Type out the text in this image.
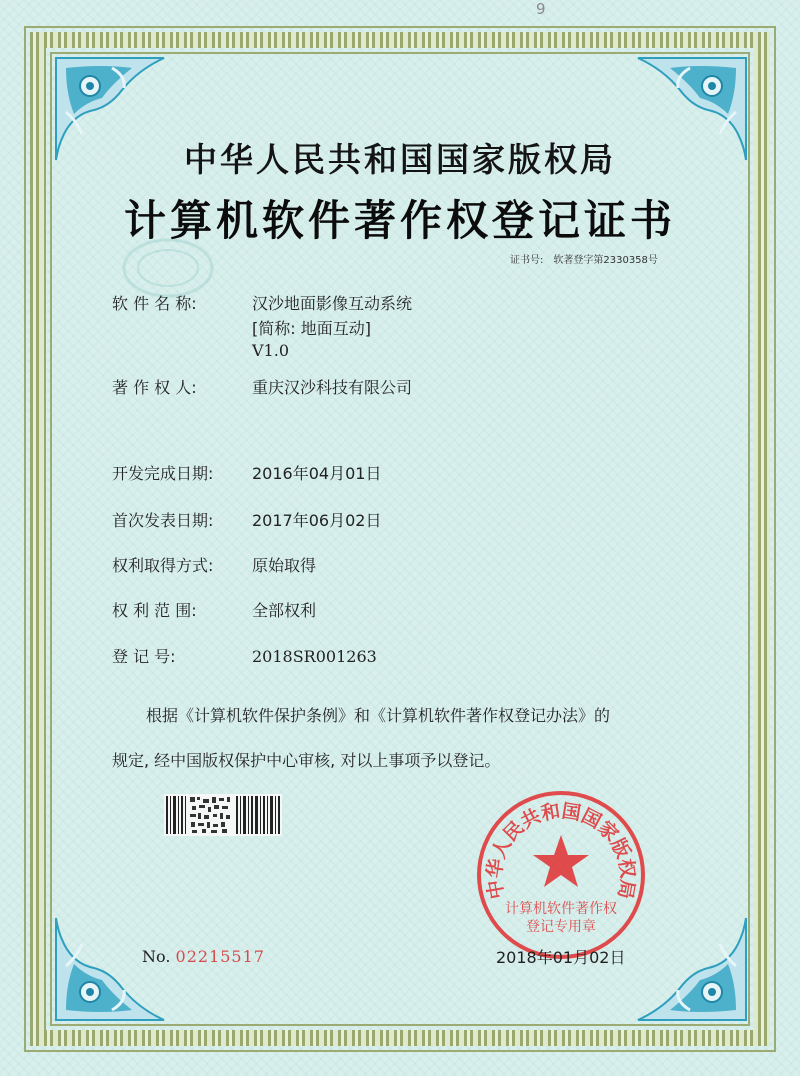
9
中华人民共和国国家版权局
计算机软件著作权登记证书
证书号: 软著登字第2330358号
软 件 名 称:	汉沙地面影像互动系统
[简称: 地面互动]
V1.0
著 作 权 人:	重庆汉沙科技有限公司
开发完成日期: 2016年04月01日
首次发表日期: 2017年06月02日
权利取得方式: 原始取得
权 利 范 围:	全部权利
登 记 号:	2018SR001263
根据《计算机软件保护条例》和《计算机软件著作权登记办法》的
规定, 经中国版权保护中心审核, 对以上事项予以登记。
No. 02215517
中华人民共和国国家版权局
计算机软件著作权
登记专用章
2018年01月02日
